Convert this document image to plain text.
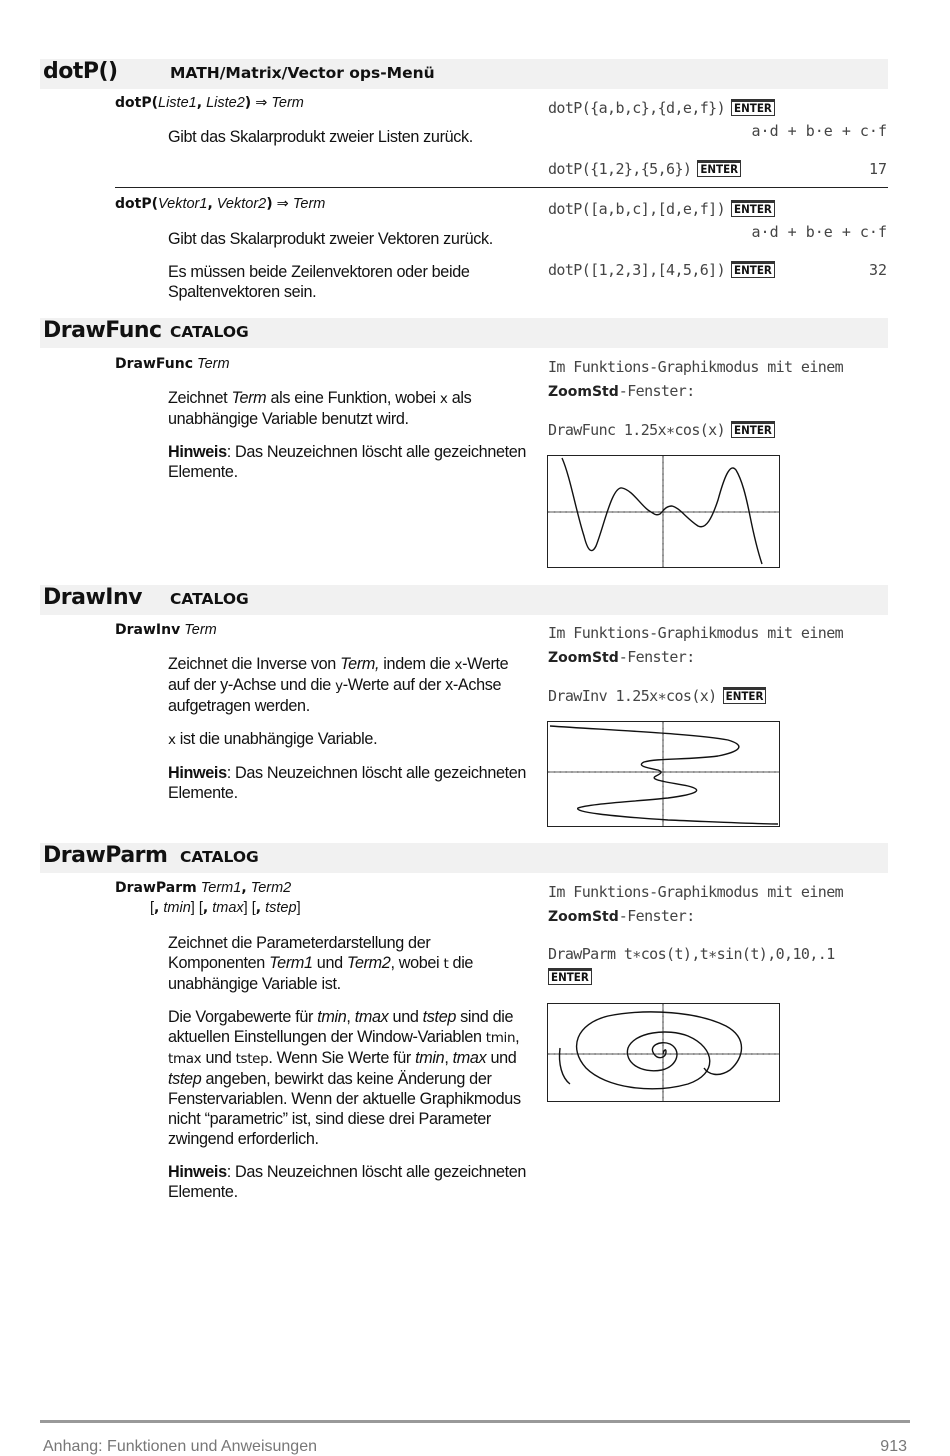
dotP()	MATH/Matrix/Vector ops-Menü
dotP(Liste1, Liste2) ⇒ Term

Gibt das Skalarprodukt zweier Listen zurück.

dotP({a,b,c},{d,e,f}) ENTER
a·d + b·e + c·f
dotP({1,2},{5,6}) ENTER	17
dotP(Vektor1, Vektor2) ⇒ Term

Gibt das Skalarprodukt zweier Vektoren zurück.

Es müssen beide Zeilenvektoren oder beide Spaltenvektoren sein.

dotP([a,b,c],[d,e,f]) ENTER
a·d + b·e + c·f
dotP([1,2,3],[4,5,6]) ENTER	32
DrawFunc CATALOG
DrawFunc Term

Zeichnet Term als eine Funktion, wobei x als unabhängige Variable benutzt wird.

Hinweis: Das Neuzeichnen löscht alle gezeichneten Elemente.

Im Funktions-Graphikmodus mit einem
ZoomStd-Fenster:
DrawFunc 1.25x∗cos(x) ENTER
DrawInv CATALOG
DrawInv Term

Zeichnet die Inverse von Term, indem die x-Werte auf der y-Achse und die y-Werte auf der x-Achse aufgetragen werden.

x ist die unabhängige Variable.

Hinweis: Das Neuzeichnen löscht alle gezeichneten Elemente.

Im Funktions-Graphikmodus mit einem
ZoomStd-Fenster:
DrawInv 1.25x∗cos(x) ENTER
DrawParm CATALOG
DrawParm Term1, Term2
[, tmin] [, tmax] [, tstep]

Zeichnet die Parameterdarstellung der Komponenten Term1 und Term2, wobei t die unabhängige Variable ist.

Die Vorgabewerte für tmin, tmax und tstep sind die aktuellen Einstellungen der Window-Variablen tmin, tmax und tstep. Wenn Sie Werte für tmin, tmax und tstep angeben, bewirkt das keine Änderung der Fenstervariablen. Wenn der aktuelle Graphikmodus nicht “parametric” ist, sind diese drei Parameter zwingend erforderlich.

Hinweis: Das Neuzeichnen löscht alle gezeichneten Elemente.

Im Funktions-Graphikmodus mit einem
ZoomStd-Fenster:
DrawParm t∗cos(t),t∗sin(t),0,10,.1
ENTER
Anhang: Funktionen und Anweisungen	913
